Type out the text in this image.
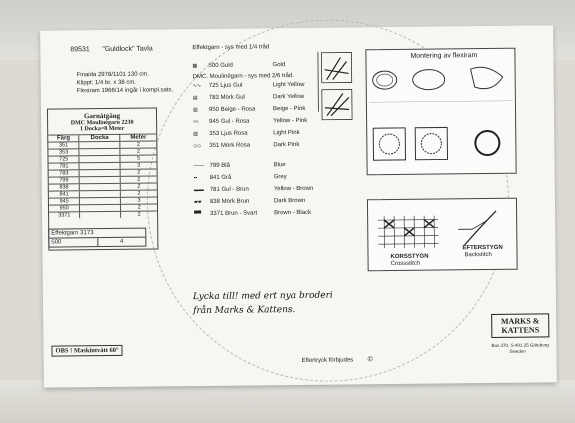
89531 "Guldlock" Tavla
Finaida 2978/1101 130 cm.
Klippt: 1/4 br. x 38 cm.
Flexiram 1966/14 ingår i kompl.sats.
Garnåtgång
DMC Moulinégarn 2230
1 Docka=8 Meter
Färg	Docka	Meter
351		2
353		2
725		5
781		3
783		2
799		2
838		2
841		2
945		3
950		2
3371		2
Effektgarn 3173
500	4
Effektgarn - sys med 1/4 tråd
▦ 500 Guld	Gold
∿∿ 725 Ljus Gul	Light Yellow
▤ 783 Mörk Gul	Dark Yellow
▥ 950 Beige - Rosa	Beige - Pink
≈≈ 945 Gul - Rosa	Yellow - Pink
▧ 353 Ljus Rosa	Light Pink
◇◇ 351 Mörk Rosa	Dark Pink
─── 799 Blå	Blue
▪▪ 841 Grå	Grey
▬▬ 781 Gul - Brun	Yellow - Brown
▰▰ 838 Mörk Brun	Dark Brown
▀▀ 3371 Brun - Svart	Brown - Black
DMC. Moulinégarn - sys med 2/6 tråd.
Montering av flexiram
KORSSTYGN
Crossstitch
EFTERSTYGN
Backstitch
Lycka till! med ert nya broderi
från Marks & Kattens.
OBS ! Maskintvätt 60°
Eftertryck förbjudes ©
MARKS &
KATTENS
Box 370, S-401 25 Göteborg
Sweden
